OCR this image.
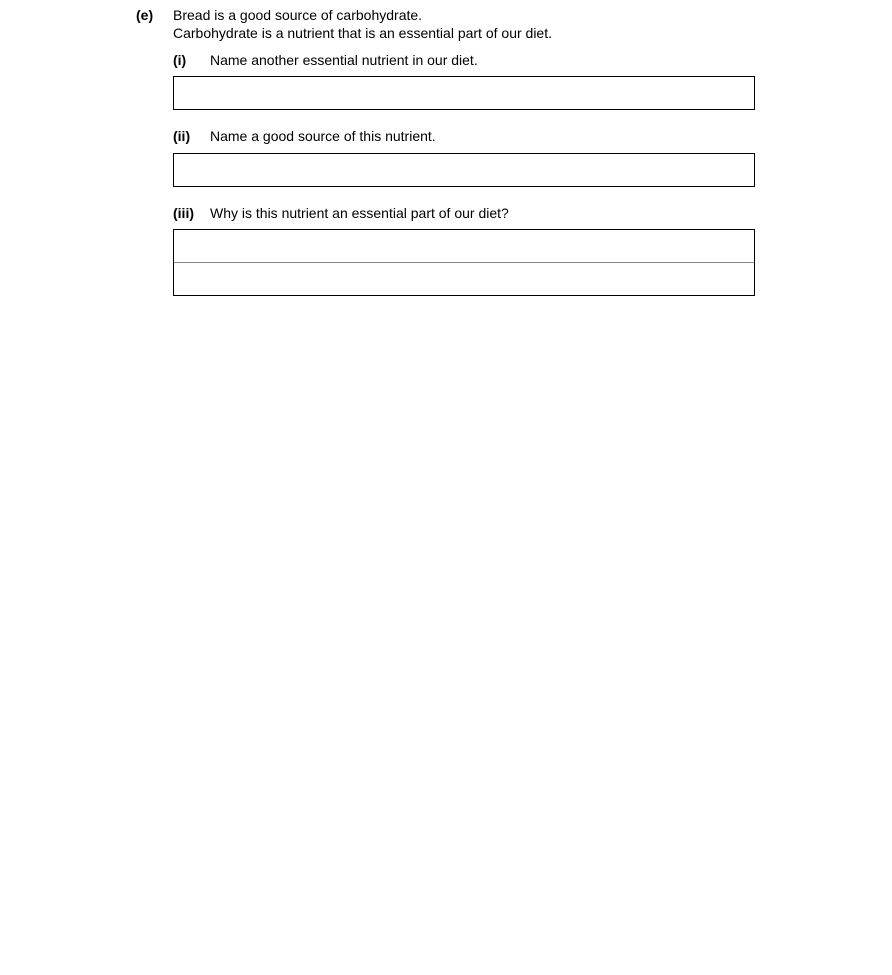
(e) Bread is a good source of carbohydrate.
Carbohydrate is a nutrient that is an essential part of our diet.
(i) Name another essential nutrient in our diet.
(ii) Name a good source of this nutrient.
(iii) Why is this nutrient an essential part of our diet?
